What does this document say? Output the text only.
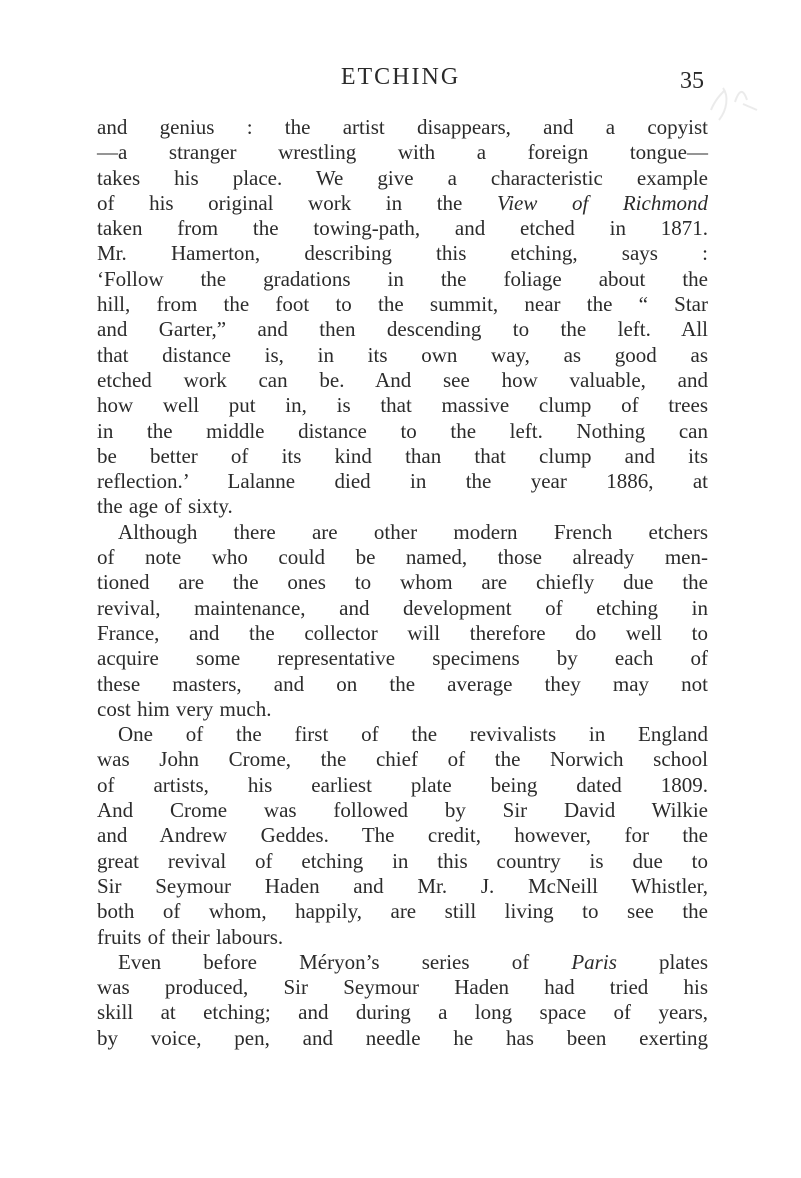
ETCHING	35
and genius : the artist disappears, and a copyist
—a stranger wrestling with a foreign tongue—
takes his place. We give a characteristic example
of his original work in the View of Richmond
taken from the towing-path, and etched in 1871.
Mr. Hamerton, describing this etching, says :
‘Follow the gradations in the foliage about the
hill, from the foot to the summit, near the “ Star
and Garter,” and then descending to the left. All
that distance is, in its own way, as good as
etched work can be. And see how valuable, and
how well put in, is that massive clump of trees
in the middle distance to the left. Nothing can
be better of its kind than that clump and its
reflection.’ Lalanne died in the year 1886, at
the age of sixty.
Although there are other modern French etchers
of note who could be named, those already men-
tioned are the ones to whom are chiefly due the
revival, maintenance, and development of etching in
France, and the collector will therefore do well to
acquire some representative specimens by each of
these masters, and on the average they may not
cost him very much.
One of the first of the revivalists in England
was John Crome, the chief of the Norwich school
of artists, his earliest plate being dated 1809.
And Crome was followed by Sir David Wilkie
and Andrew Geddes. The credit, however, for the
great revival of etching in this country is due to
Sir Seymour Haden and Mr. J. McNeill Whistler,
both of whom, happily, are still living to see the
fruits of their labours.
Even before Méryon’s series of Paris plates
was produced, Sir Seymour Haden had tried his
skill at etching; and during a long space of years,
by voice, pen, and needle he has been exerting
